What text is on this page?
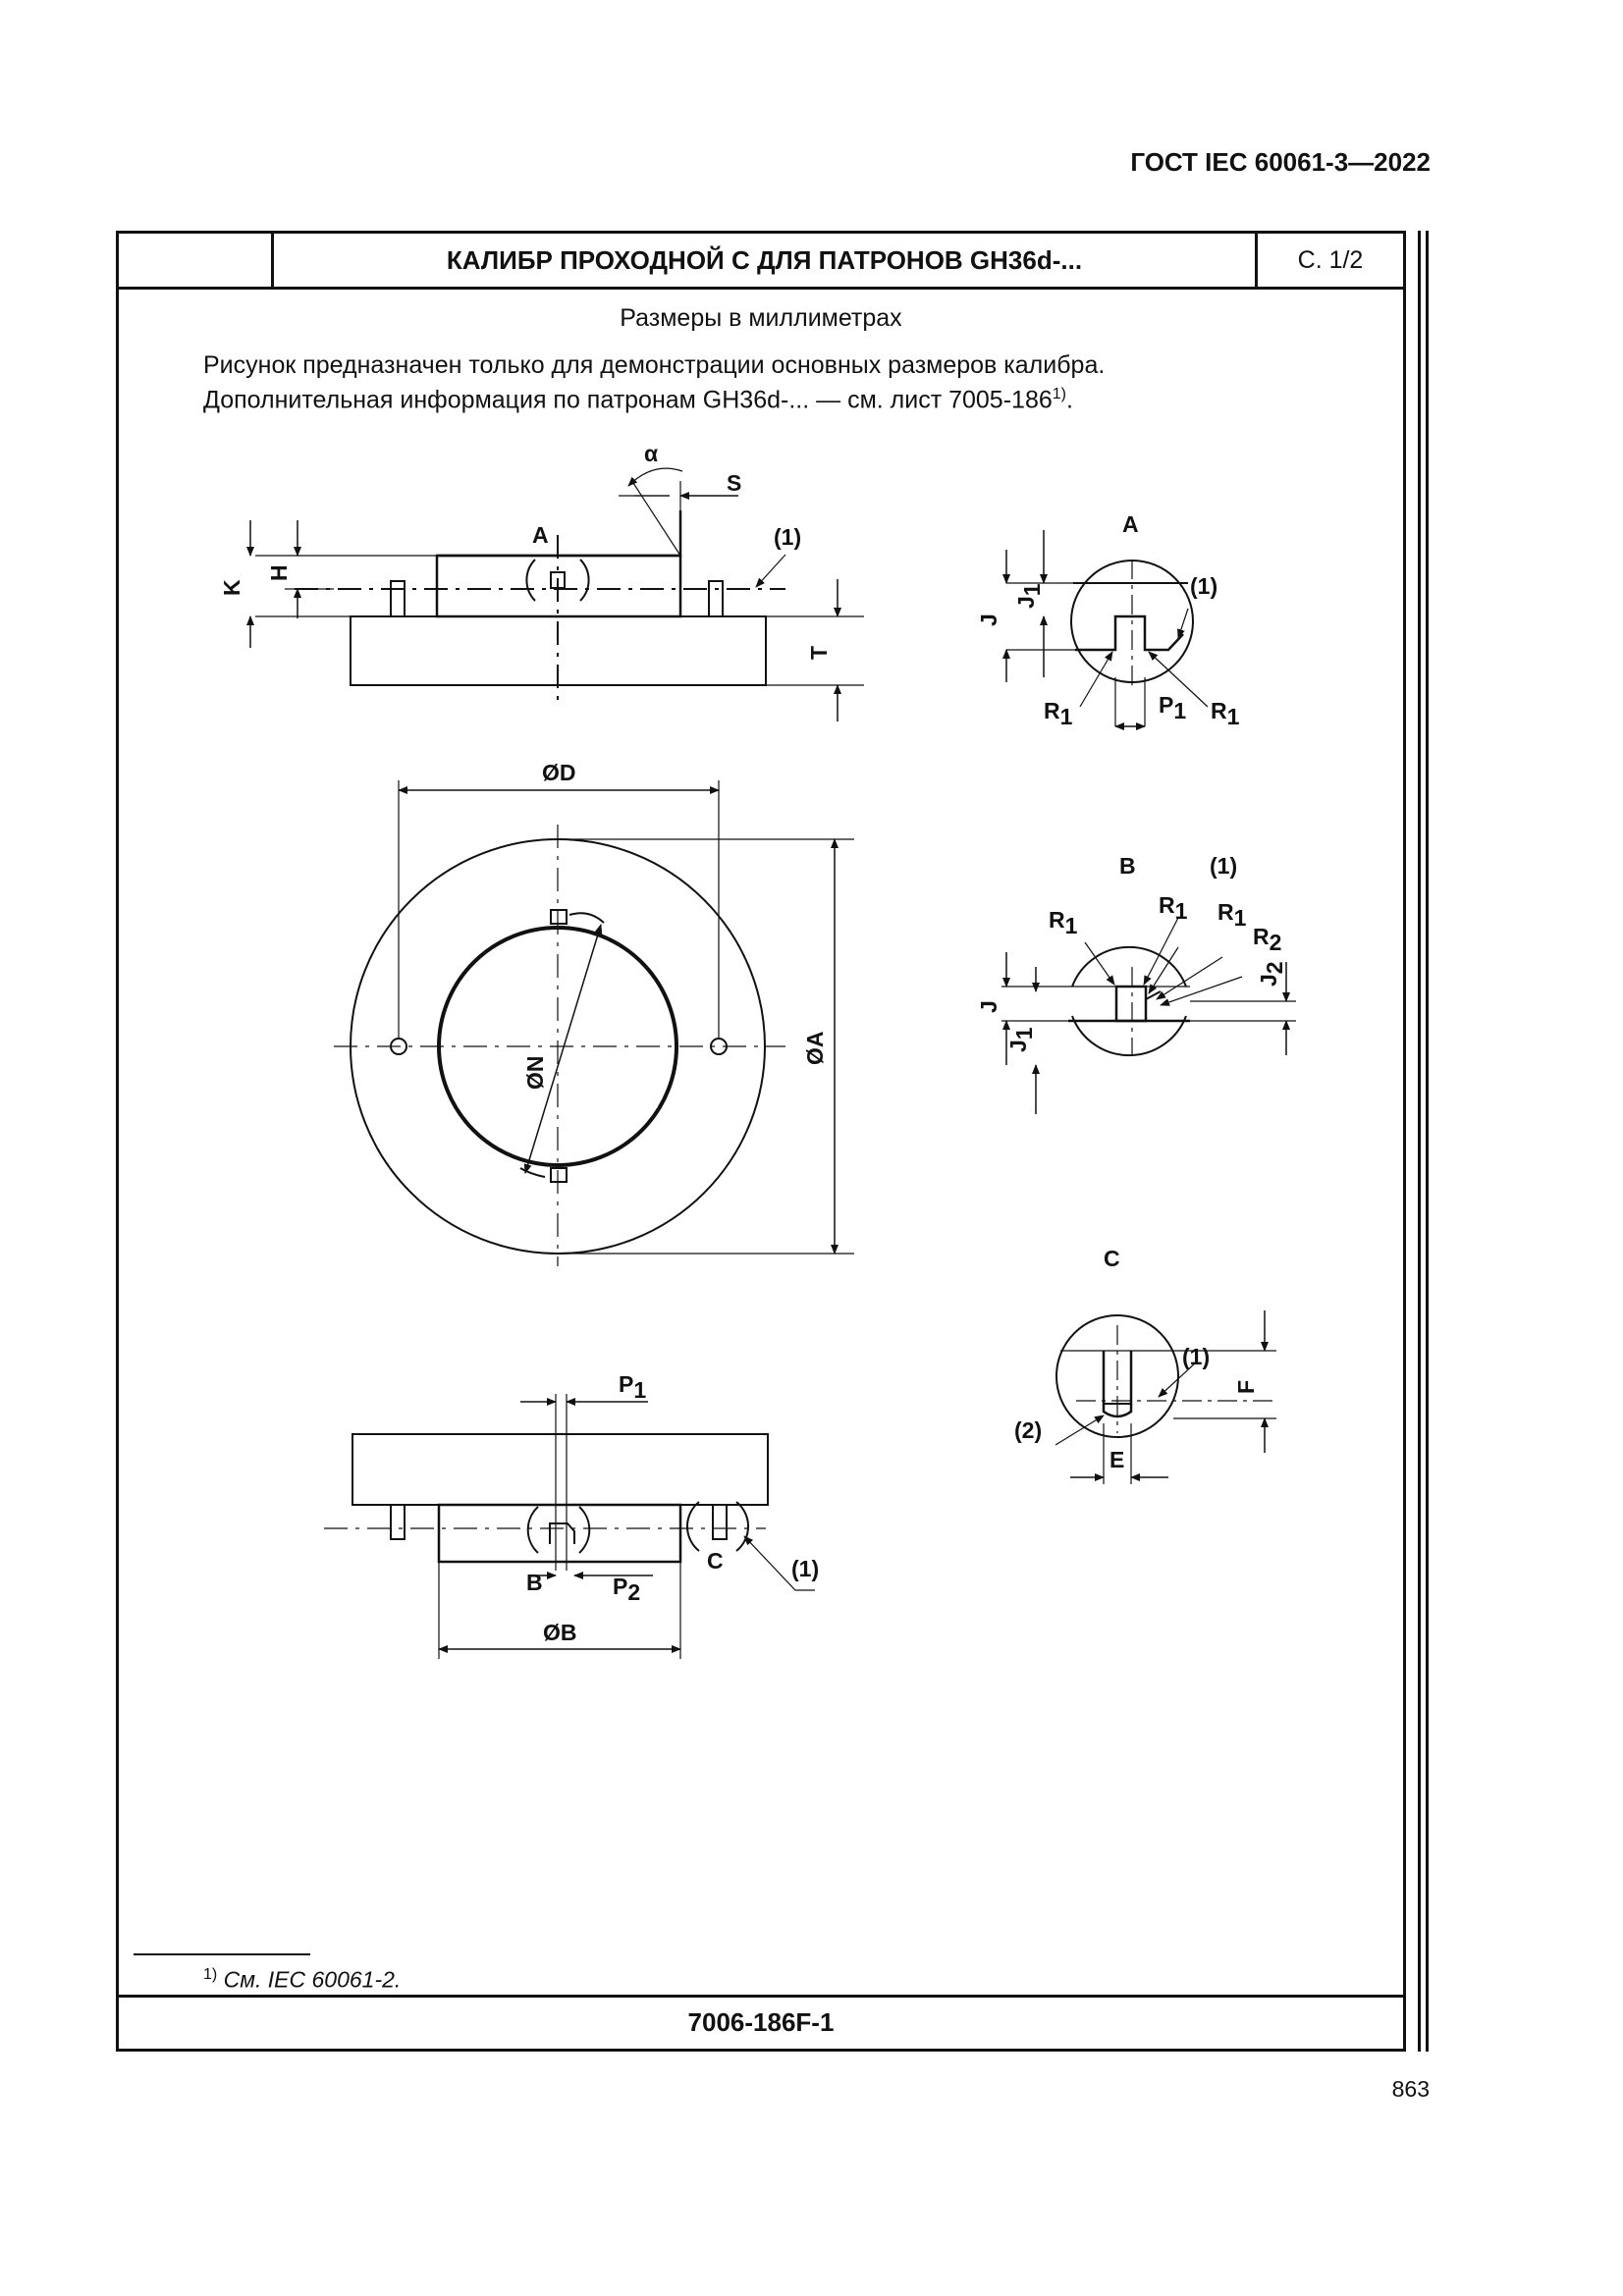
ГОСТ IEC 60061-3—2022
КАЛИБР ПРОХОДНОЙ С ДЛЯ ПАТРОНОВ GH36d-...	С. 1/2
Размеры в миллиметрах
Рисунок предназначен только для демонстрации основных размеров калибра.
Дополнительная информация по патронам GH36d-... — см. лист 7005-186$^{1)}$.
$^{1)}$ См. IEC 60061-2.
7006-186F-1
α
S
A	(1)
K
H
T
ØD
ØA
ØN
P1
B	P2
ØB
C	(1)
A
(1)
J
J1
R1	P1 R1
B	(1)
R1
R1 R1
R2
J
J1
J2
C
(1)
(2)
F
E
863
